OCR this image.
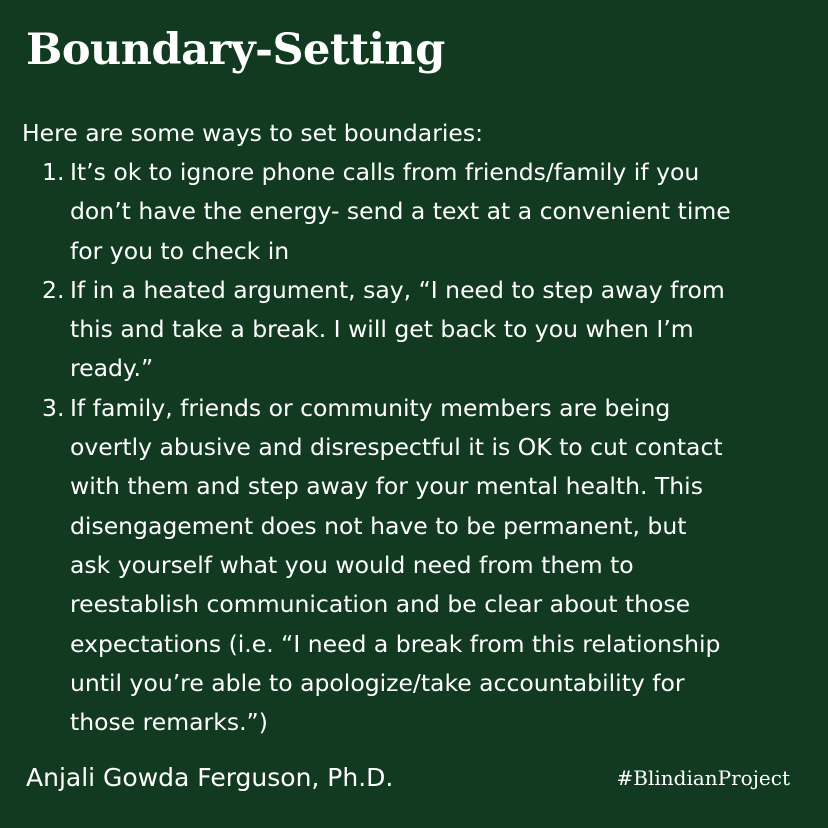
Boundary-Setting

Here are some ways to set boundaries:

1. It’s ok to ignore phone calls from friends/family if you
don’t have the energy- send a text at a convenient time
for you to check in
2. If in a heated argument, say, “I need to step away from
this and take a break. I will get back to you when I’m
ready.”
3. If family, friends or community members are being
overtly abusive and disrespectful it is OK to cut contact
with them and step away for your mental health. This
disengagement does not have to be permanent, but
ask yourself what you would need from them to
reestablish communication and be clear about those
expectations (i.e. “I need a break from this relationship
until you’re able to apologize/take accountability for
those remarks.”)

Anjali Gowda Ferguson, Ph.D.	#BlindianProject
